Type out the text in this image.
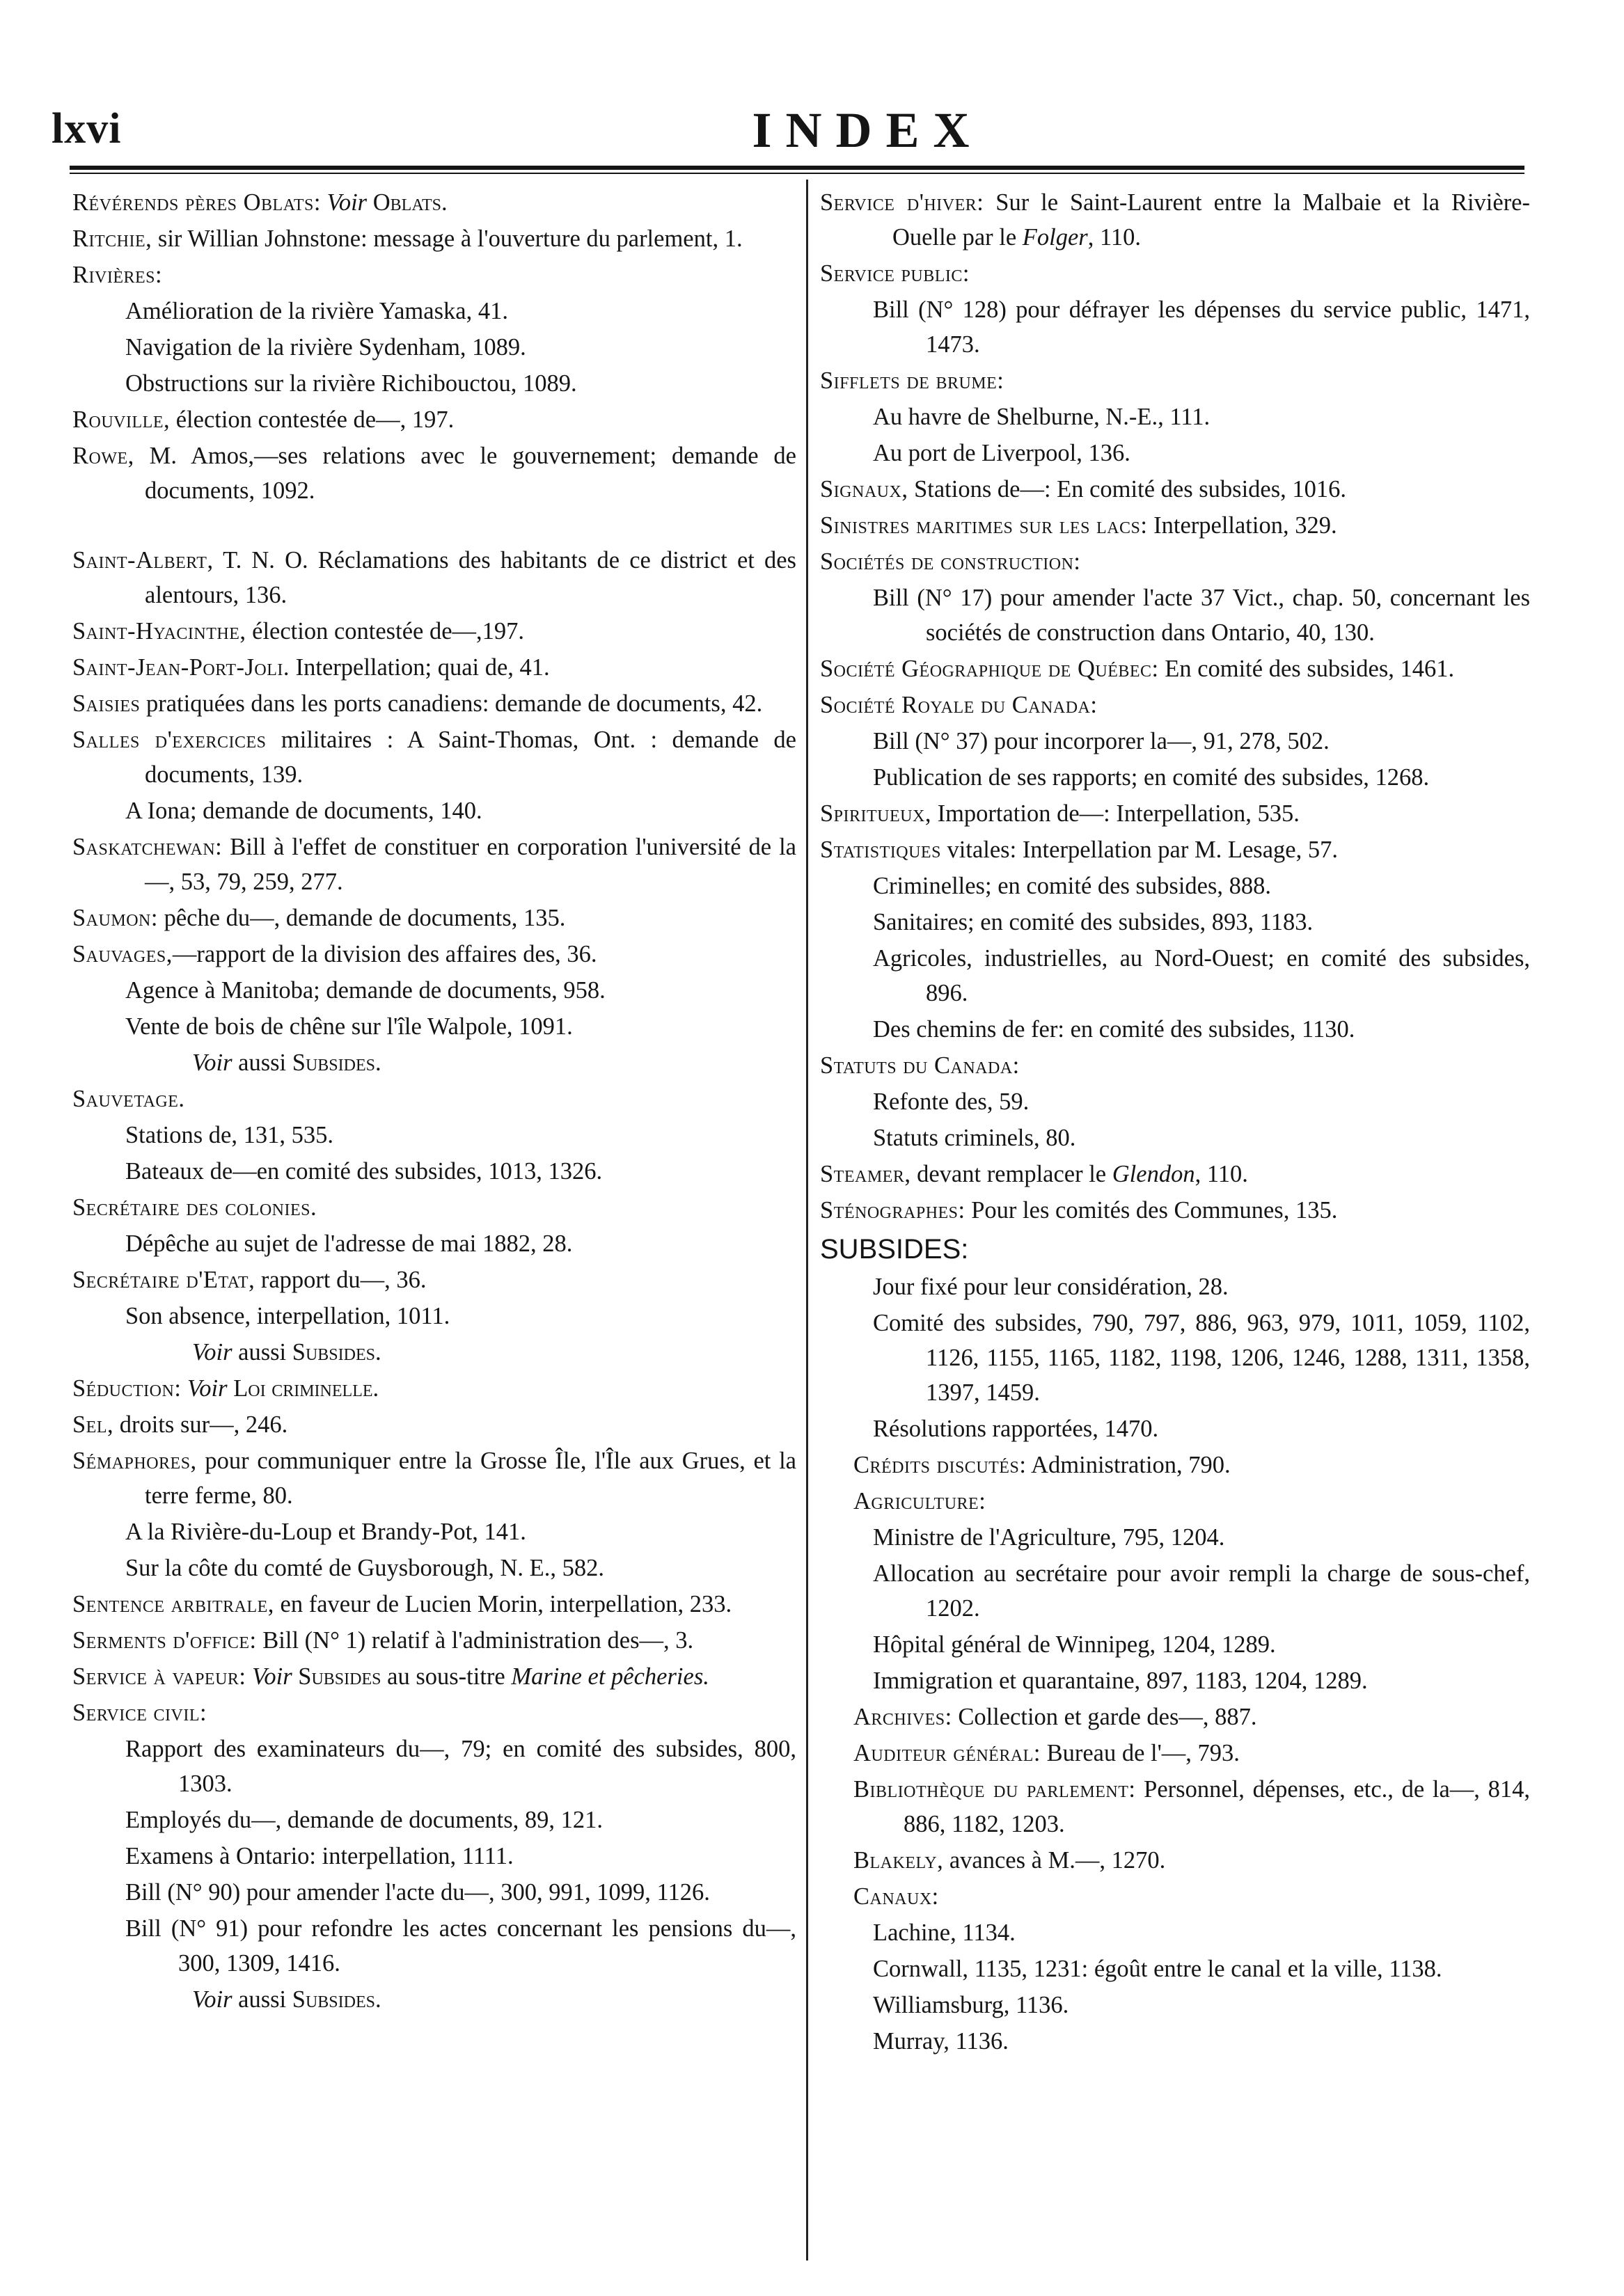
lxvi	INDEX
Révérends pères Oblats: Voir Oblats.
Ritchie, sir Willian Johnstone: message à l'ouverture du parlement, 1.
Rivières:
Amélioration de la rivière Yamaska, 41.
Navigation de la rivière Sydenham, 1089.
Obstructions sur la rivière Richibouctou, 1089.
Rouville, élection contestée de—, 197.
Rowe, M. Amos,—ses relations avec le gouvernement; demande de documents, 1092.
Saint-Albert, T. N. O. Réclamations des habitants de ce district et des alentours, 136.
Saint-Hyacinthe, élection contestée de—,197.
Saint-Jean-Port-Joli. Interpellation; quai de, 41.
Saisies pratiquées dans les ports canadiens: demande de documents, 42.
Salles d'exercices militaires : A Saint-Thomas, Ont. : demande de documents, 139.
A Iona; demande de documents, 140.
Saskatchewan: Bill à l'effet de constituer en corporation l'université de la—, 53, 79, 259, 277.
Saumon: pêche du—, demande de documents, 135.
Sauvages,—rapport de la division des affaires des, 36.
Agence à Manitoba; demande de documents, 958.
Vente de bois de chêne sur l'île Walpole, 1091.
Voir aussi Subsides.
Sauvetage.
Stations de, 131, 535.
Bateaux de—en comité des subsides, 1013, 1326.
Secrétaire des colonies.
Dépêche au sujet de l'adresse de mai 1882, 28.
Secrétaire d'Etat, rapport du—, 36.
Son absence, interpellation, 1011.
Voir aussi Subsides.
Séduction: Voir Loi criminelle.
Sel, droits sur—, 246.
Sémaphores, pour communiquer entre la Grosse Île, l'Île aux Grues, et la terre ferme, 80.
A la Rivière-du-Loup et Brandy-Pot, 141.
Sur la côte du comté de Guysborough, N. E., 582.
Sentence arbitrale, en faveur de Lucien Morin, interpellation, 233.
Serments d'office: Bill (N° 1) relatif à l'administration des—, 3.
Service à vapeur: Voir Subsides au sous-titre Marine et pêcheries.
Service civil:
Rapport des examinateurs du—, 79; en comité des subsides, 800, 1303.
Employés du—, demande de documents, 89, 121.
Examens à Ontario: interpellation, 1111.
Bill (N° 90) pour amender l'acte du—, 300, 991, 1099, 1126.
Bill (N° 91) pour refondre les actes concernant les pensions du—, 300, 1309, 1416.
Voir aussi Subsides.
Service d'hiver: Sur le Saint-Laurent entre la Malbaie et la Rivière-Ouelle par le Folger, 110.
Service public:
Bill (N° 128) pour défrayer les dépenses du service public, 1471, 1473.
Sifflets de brume:
Au havre de Shelburne, N.-E., 111.
Au port de Liverpool, 136.
Signaux, Stations de—: En comité des subsides, 1016.
Sinistres maritimes sur les lacs: Interpellation, 329.
Sociétés de construction:
Bill (N° 17) pour amender l'acte 37 Vict., chap. 50, concernant les sociétés de construction dans Ontario, 40, 130.
Société Géographique de Québec: En comité des subsides, 1461.
Société Royale du Canada:
Bill (N° 37) pour incorporer la—, 91, 278, 502.
Publication de ses rapports; en comité des subsides, 1268.
Spiritueux, Importation de—: Interpellation, 535.
Statistiques vitales: Interpellation par M. Lesage, 57.
Criminelles; en comité des subsides, 888.
Sanitaires; en comité des subsides, 893, 1183.
Agricoles, industrielles, au Nord-Ouest; en comité des subsides, 896.
Des chemins de fer: en comité des subsides, 1130.
Statuts du Canada:
Refonte des, 59.
Statuts criminels, 80.
Steamer, devant remplacer le Glendon, 110.
Sténographes: Pour les comités des Communes, 135.
SUBSIDES:
Jour fixé pour leur considération, 28.
Comité des subsides, 790, 797, 886, 963, 979, 1011, 1059, 1102, 1126, 1155, 1165, 1182, 1198, 1206, 1246, 1288, 1311, 1358, 1397, 1459.
Résolutions rapportées, 1470.
Crédits discutés: Administration, 790.
Agriculture:
Ministre de l'Agriculture, 795, 1204.
Allocation au secrétaire pour avoir rempli la charge de sous-chef, 1202.
Hôpital général de Winnipeg, 1204, 1289.
Immigration et quarantaine, 897, 1183, 1204, 1289.
Archives: Collection et garde des—, 887.
Auditeur général: Bureau de l'—, 793.
Bibliothèque du parlement: Personnel, dépenses, etc., de la—, 814, 886, 1182, 1203.
Blakely, avances à M.—, 1270.
Canaux:
Lachine, 1134.
Cornwall, 1135, 1231: égoût entre le canal et la ville, 1138.
Williamsburg, 1136.
Murray, 1136.
